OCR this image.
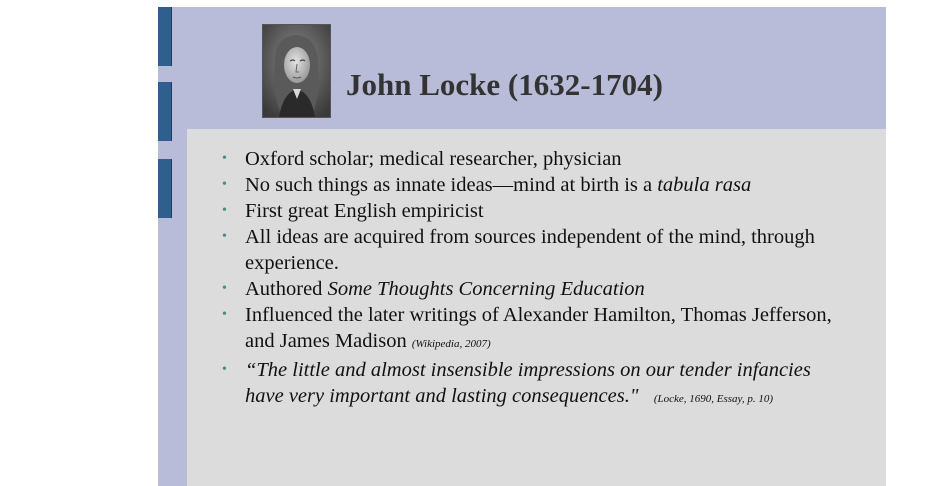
John Locke (1632-1704)
• Oxford scholar; medical researcher, physician
• No such things as innate ideas—mind at birth is a tabula rasa
• First great English empiricist
• All ideas are acquired from sources independent of the mind, through experience.
• Authored Some Thoughts Concerning Education
• Influenced the later writings of Alexander Hamilton, Thomas Jefferson, and James Madison (Wikipedia, 2007)
• “The little and almost insensible impressions on our tender infancies have very important and lasting consequences." (Locke, 1690, Essay, p. 10)
